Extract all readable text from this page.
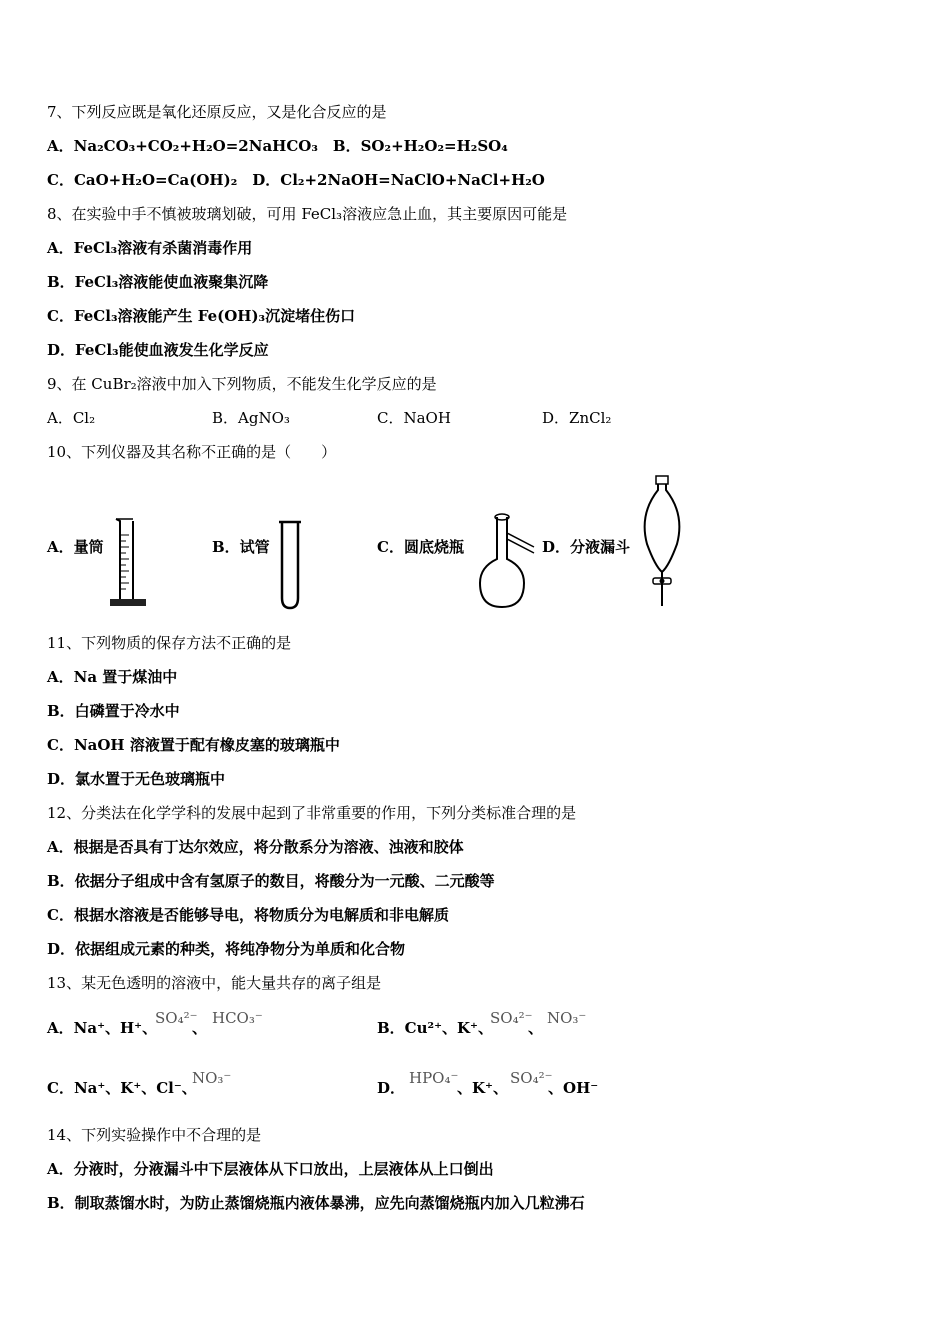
7、下列反应既是氧化还原反应，又是化合反应的是
A．Na₂CO₃+CO₂+H₂O=2NaHCO₃　B．SO₂+H₂O₂=H₂SO₄
C．CaO+H₂O=Ca(OH)₂　D．Cl₂+2NaOH=NaClO+NaCl+H₂O
8、在实验中手不慎被玻璃划破，可用 FeCl₃溶液应急止血，其主要原因可能是
A．FeCl₃溶液有杀菌消毒作用
B．FeCl₃溶液能使血液聚集沉降
C．FeCl₃溶液能产生 Fe(OH)₃沉淀堵住伤口
D．FeCl₃能使血液发生化学反应
9、在 CuBr₂溶液中加入下列物质，不能发生化学反应的是
A．Cl₂	B．AgNO₃	C．NaOH	D．ZnCl₂
10、下列仪器及其名称不正确的是（　　）
A．量筒	B．试管	C．圆底烧瓶	D．分液漏斗
11、下列物质的保存方法不正确的是
A．Na 置于煤油中
B．白磷置于冷水中
C．NaOH 溶液置于配有橡皮塞的玻璃瓶中
D．氯水置于无色玻璃瓶中
12、分类法在化学学科的发展中起到了非常重要的作用，下列分类标准合理的是
A．根据是否具有丁达尔效应，将分散系分为溶液、浊液和胶体
B．依据分子组成中含有氢原子的数目，将酸分为一元酸、二元酸等
C．根据水溶液是否能够导电，将物质分为电解质和非电解质
D．依据组成元素的种类，将纯净物分为单质和化合物
13、某无色透明的溶液中，能大量共存的离子组是
A．Na⁺、H⁺、
SO₄²⁻
、
HCO₃⁻
B．Cu²⁺、K⁺、
SO₄²⁻
、
NO₃⁻
C．Na⁺、K⁺、Cl⁻、
NO₃⁻
D．
HPO₄⁻
、K⁺、
SO₄²⁻
、OH⁻
14、下列实验操作中不合理的是
A．分液时，分液漏斗中下层液体从下口放出，上层液体从上口倒出
B．制取蒸馏水时，为防止蒸馏烧瓶内液体暴沸，应先向蒸馏烧瓶内加入几粒沸石
